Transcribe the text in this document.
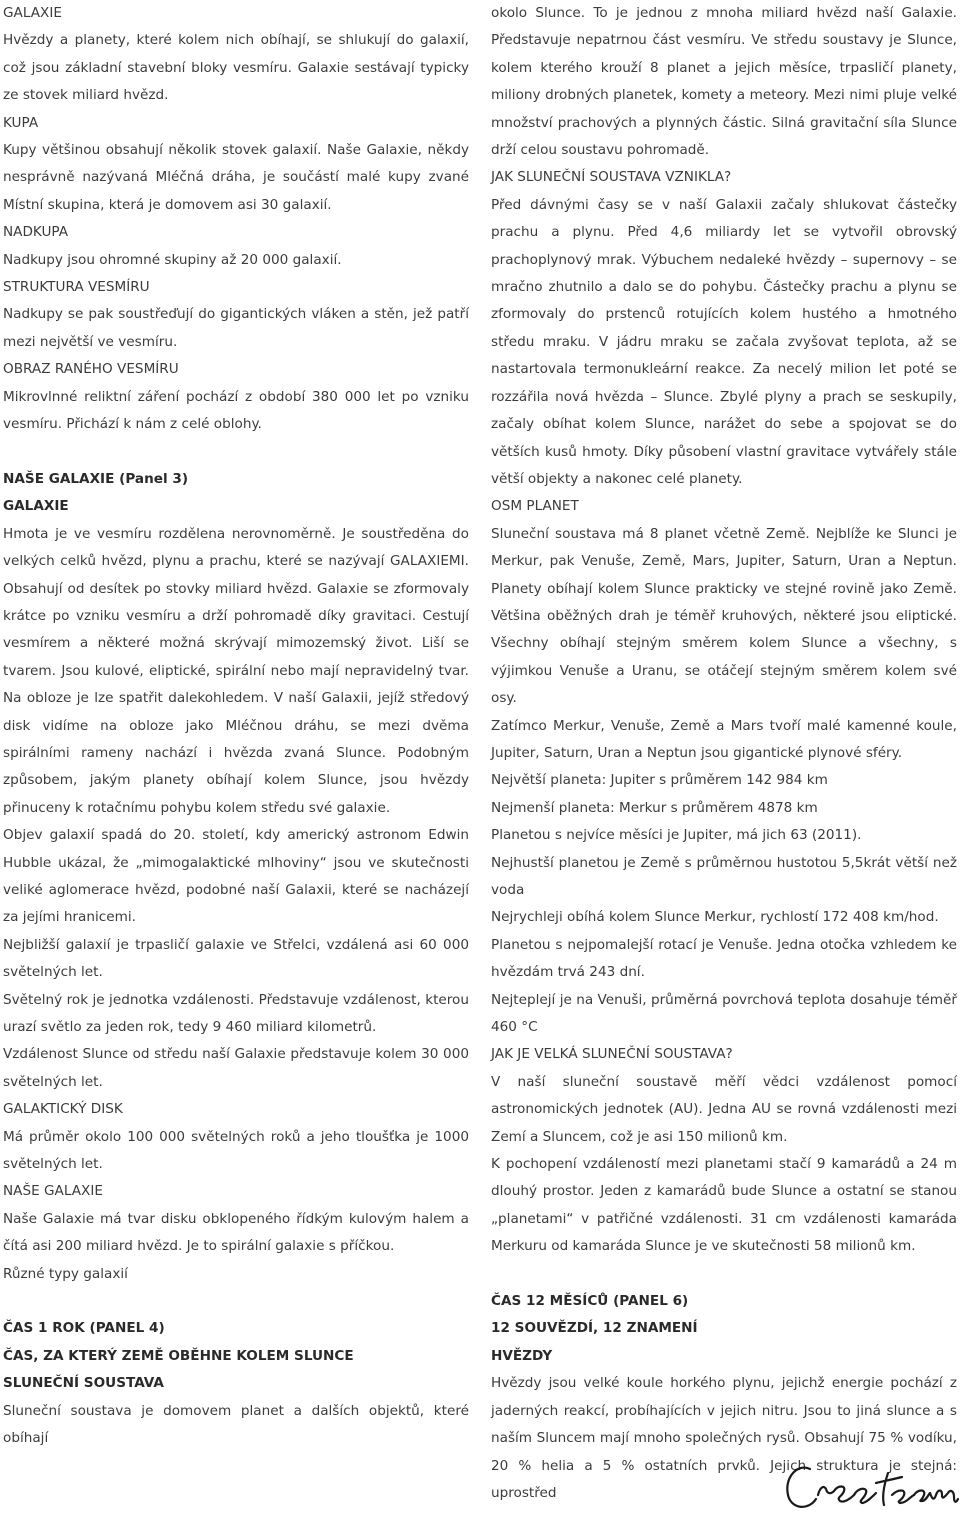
GALAXIE

Hvězdy a planety, které kolem nich obíhají, se shlukují do galaxií, což jsou základní stavební bloky vesmíru. Galaxie sestávají typicky ze stovek miliard hvězd.

KUPA

Kupy většinou obsahují několik stovek galaxií. Naše Galaxie, někdy nesprávně nazývaná Mléčná dráha, je součástí malé kupy zvané Místní skupina, která je domovem asi 30 galaxií.

NADKUPA

Nadkupy jsou ohromné skupiny až 20 000 galaxií.

STRUKTURA VESMÍRU

Nadkupy se pak soustřeďují do gigantických vláken a stěn, jež patří mezi největší ve vesmíru.

OBRAZ RANÉHO VESMÍRU

Mikrovlnné reliktní záření pochází z období 380 000 let po vzniku vesmíru. Přichází k nám z celé oblohy.

NAŠE GALAXIE (Panel 3)

GALAXIE

Hmota je ve vesmíru rozdělena nerovnoměrně. Je soustředěna do velkých celků hvězd, plynu a prachu, které se nazývají GALAXIEMI. Obsahují od desítek po stovky miliard hvězd. Galaxie se zformovaly krátce po vzniku vesmíru a drží pohromadě díky gravitaci. Cestují vesmírem a některé možná skrývají mimozemský život. Liší se tvarem. Jsou kulové, eliptické, spirální nebo mají nepravidelný tvar. Na obloze je lze spatřit dalekohledem. V naší Galaxii, jejíž středový disk vidíme na obloze jako Mléčnou dráhu, se mezi dvěma spirálními rameny nachází i hvězda zvaná Slunce. Podobným způsobem, jakým planety obíhají kolem Slunce, jsou hvězdy přinuceny k rotačnímu pohybu kolem středu své galaxie.

Objev galaxií spadá do 20. století, kdy americký astronom Edwin Hubble ukázal, že „mimogalaktické mlhoviny“ jsou ve skutečnosti veliké aglomerace hvězd, podobné naší Galaxii, které se nacházejí za jejími hranicemi.

Nejbližší galaxií je trpasličí galaxie ve Střelci, vzdálená asi 60 000 světelných let.

Světelný rok je jednotka vzdálenosti. Představuje vzdálenost, kterou urazí světlo za jeden rok, tedy 9 460 miliard kilometrů.

Vzdálenost Slunce od středu naší Galaxie představuje kolem 30 000 světelných let.

GALAKTICKÝ DISK

Má průměr okolo 100 000 světelných roků a jeho tloušťka je 1000 světelných let.

NAŠE GALAXIE

Naše Galaxie má tvar disku obklopeného řídkým kulovým halem a čítá asi 200 miliard hvězd. Je to spirální galaxie s příčkou.

Různé typy galaxií

ČAS 1 ROK (PANEL 4)

ČAS, ZA KTERÝ ZEMĚ OBĚHNE KOLEM SLUNCE

SLUNEČNÍ SOUSTAVA

Sluneční soustava je domovem planet a dalších objektů, které obíhají

okolo Slunce. To je jednou z mnoha miliard hvězd naší Galaxie. Představuje nepatrnou část vesmíru. Ve středu soustavy je Slunce, kolem kterého krouží 8 planet a jejich měsíce, trpasličí planety, miliony drobných planetek, komety a meteory. Mezi nimi pluje velké množství prachových a plynných částic. Silná gravitační síla Slunce drží celou soustavu pohromadě.

JAK SLUNEČNÍ SOUSTAVA VZNIKLA?

Před dávnými časy se v naší Galaxii začaly shlukovat částečky prachu a plynu. Před 4,6 miliardy let se vytvořil obrovský prachoplynový mrak. Výbuchem nedaleké hvězdy – supernovy – se mračno zhutnilo a dalo se do pohybu. Částečky prachu a plynu se zformovaly do prstenců rotujících kolem hustého a hmotného středu mraku. V jádru mraku se začala zvyšovat teplota, až se nastartovala termonukleární reakce. Za necelý milion let poté se rozzářila nová hvězda – Slunce. Zbylé plyny a prach se seskupily, začaly obíhat kolem Slunce, narážet do sebe a spojovat se do větších kusů hmoty. Díky působení vlastní gravitace vytvářely stále větší objekty a nakonec celé planety.

OSM PLANET

Sluneční soustava má 8 planet včetně Země. Nejblíže ke Slunci je Merkur, pak Venuše, Země, Mars, Jupiter, Saturn, Uran a Neptun. Planety obíhají kolem Slunce prakticky ve stejné rovině jako Země. Většina oběžných drah je téměř kruhových, některé jsou eliptické. Všechny obíhají stejným směrem kolem Slunce a všechny, s výjimkou Venuše a Uranu, se otáčejí stejným směrem kolem své osy.

Zatímco Merkur, Venuše, Země a Mars tvoří malé kamenné koule, Jupiter, Saturn, Uran a Neptun jsou gigantické plynové sféry.

Největší planeta: Jupiter s průměrem 142 984 km

Nejmenší planeta: Merkur s průměrem 4878 km

Planetou s nejvíce měsíci je Jupiter, má jich 63 (2011).

Nejhustší planetou je Země s průměrnou hustotou 5,5krát větší než voda

Nejrychleji obíhá kolem Slunce Merkur, rychlostí 172 408 km/hod.

Planetou s nejpomalejší rotací je Venuše. Jedna otočka vzhledem ke hvězdám trvá 243 dní.

Nejteplejí je na Venuši, průměrná povrchová teplota dosahuje téměř 460 °C

JAK JE VELKÁ SLUNEČNÍ SOUSTAVA?

V naší sluneční soustavě měří vědci vzdálenost pomocí astronomických jednotek (AU). Jedna AU se rovná vzdálenosti mezi Zemí a Sluncem, což je asi 150 milionů km.

K pochopení vzdáleností mezi planetami stačí 9 kamarádů a 24 m dlouhý prostor. Jeden z kamarádů bude Slunce a ostatní se stanou „planetami“ v patřičné vzdálenosti. 31 cm vzdálenosti kamaráda Merkuru od kamaráda Slunce je ve skutečnosti 58 milionů km.

ČAS 12 MĚSÍCŮ (PANEL 6)

12 SOUVĚZDÍ, 12 ZNAMENÍ

HVĚZDY

Hvězdy jsou velké koule horkého plynu, jejichž energie pochází z jaderných reakcí, probíhajících v jejich nitru. Jsou to jiná slunce a s naším Sluncem mají mnoho společných rysů. Obsahují 75 % vodíku, 20 % helia a 5 % ostatních prvků. Jejich struktura je stejná: uprostřed
